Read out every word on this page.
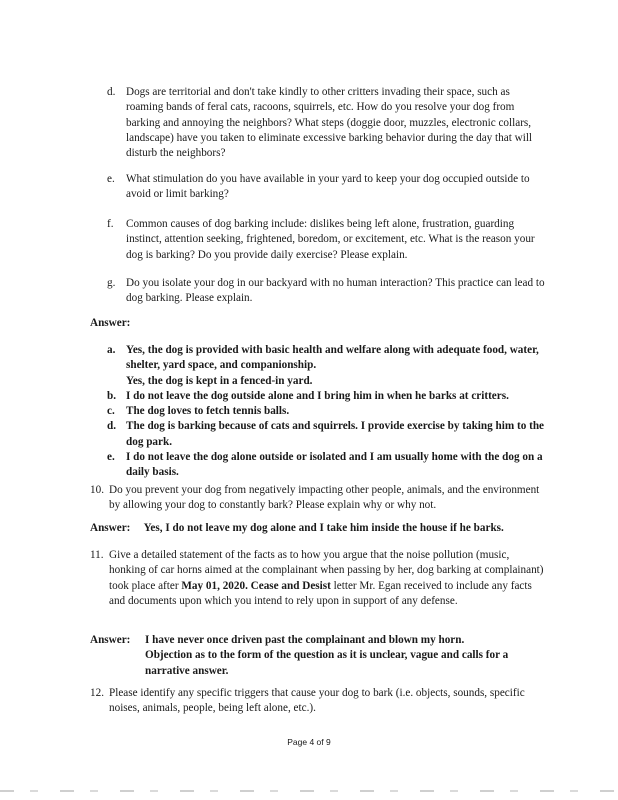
d. Dogs are territorial and don't take kindly to other critters invading their space, such as roaming bands of feral cats, racoons, squirrels, etc. How do you resolve your dog from barking and annoying the neighbors? What steps (doggie door, muzzles, electronic collars, landscape) have you taken to eliminate excessive barking behavior during the day that will disturb the neighbors?
e.	What stimulation do you have available in your yard to keep your dog occupied outside to avoid or limit barking?
f.	Common causes of dog barking include: dislikes being left alone, frustration, guarding instinct, attention seeking, frightened, boredom, or excitement, etc. What is the reason your dog is barking? Do you provide daily exercise? Please explain.
g. Do you isolate your dog in our backyard with no human interaction? This practice can lead to dog barking. Please explain.
Answer:
a. Yes, the dog is provided with basic health and welfare along with adequate food, water, shelter, yard space, and companionship.
Yes, the dog is kept in a fenced-in yard.
b. I do not leave the dog outside alone and I bring him in when he barks at critters.
c.	The dog loves to fetch tennis balls.
d. The dog is barking because of cats and squirrels. I provide exercise by taking him to the dog park.
e.	I do not leave the dog alone outside or isolated and I am usually home with the dog on a daily basis.
10. Do you prevent your dog from negatively impacting other people, animals, and the environment by allowing your dog to constantly bark? Please explain why or why not.
Answer: Yes, I do not leave my dog alone and I take him inside the house if he barks.
11. Give a detailed statement of the facts as to how you argue that the noise pollution (music, honking of car horns aimed at the complainant when passing by her, dog barking at complainant) took place after May 01, 2020. Cease and Desist letter Mr. Egan received to include any facts and documents upon which you intend to rely upon in support of any defense.
Answer:	I have never once driven past the complainant and blown my horn.
Objection as to the form of the question as it is unclear, vague and calls for a narrative answer.
12. Please identify any specific triggers that cause your dog to bark (i.e. objects, sounds, specific noises, animals, people, being left alone, etc.).
Page 4 of 9
